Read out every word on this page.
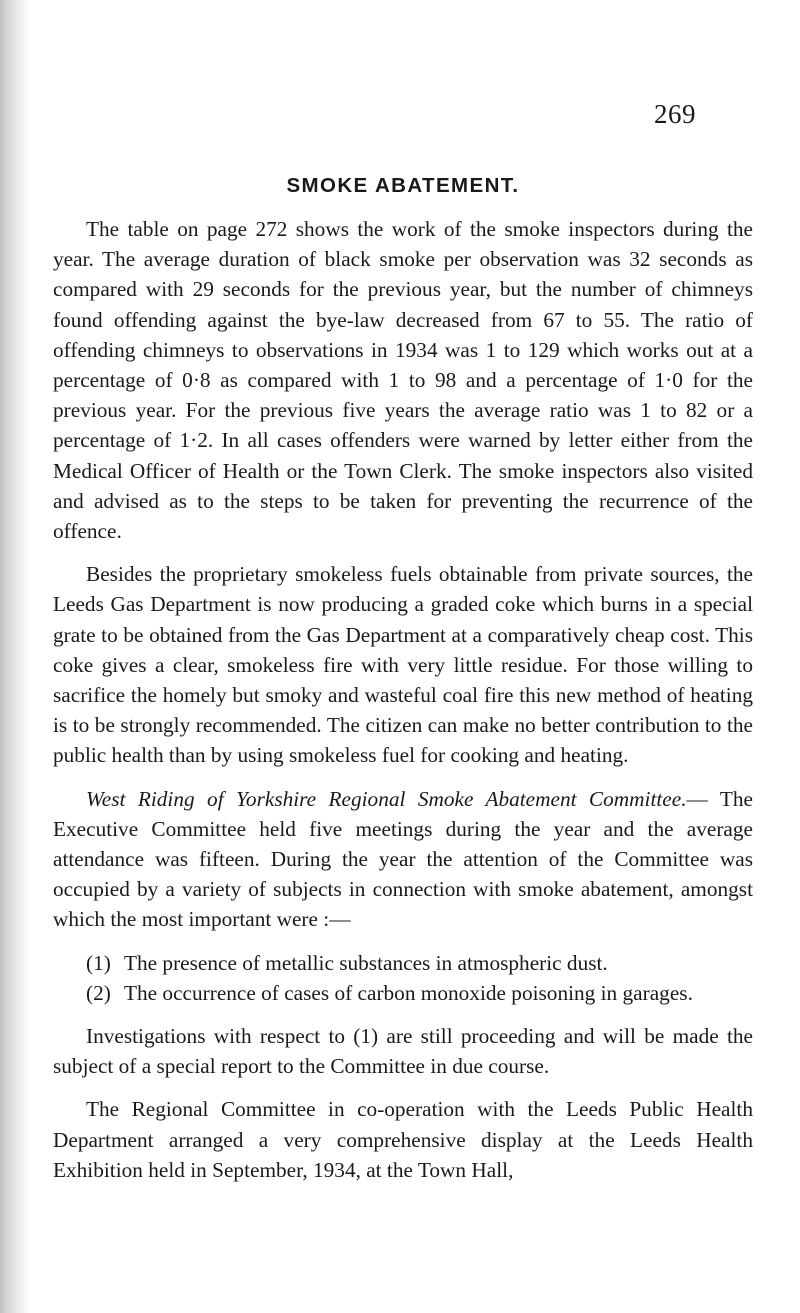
269
SMOKE ABATEMENT.

The table on page 272 shows the work of the smoke inspectors during the year. The average duration of black smoke per observation was 32 seconds as compared with 29 seconds for the previous year, but the number of chimneys found offending against the bye-law decreased from 67 to 55. The ratio of offending chimneys to observations in 1934 was 1 to 129 which works out at a percentage of 0·8 as compared with 1 to 98 and a percentage of 1·0 for the previous year. For the previous five years the average ratio was 1 to 82 or a percentage of 1·2. In all cases offenders were warned by letter either from the Medical Officer of Health or the Town Clerk. The smoke inspectors also visited and advised as to the steps to be taken for preventing the recurrence of the offence.

Besides the proprietary smokeless fuels obtainable from private sources, the Leeds Gas Department is now producing a graded coke which burns in a special grate to be obtained from the Gas Department at a comparatively cheap cost. This coke gives a clear, smokeless fire with very little residue. For those willing to sacrifice the homely but smoky and wasteful coal fire this new method of heating is to be strongly recommended. The citizen can make no better contribution to the public health than by using smokeless fuel for cooking and heating.

West Riding of Yorkshire Regional Smoke Abatement Committee.— The Executive Committee held five meetings during the year and the average attendance was fifteen. During the year the attention of the Committee was occupied by a variety of subjects in connection with smoke abatement, amongst which the most important were :—

(1) The presence of metallic substances in atmospheric dust.
(2) The occurrence of cases of carbon monoxide poisoning in garages.

Investigations with respect to (1) are still proceeding and will be made the subject of a special report to the Committee in due course.

The Regional Committee in co-operation with the Leeds Public Health Department arranged a very comprehensive display at the Leeds Health Exhibition held in September, 1934, at the Town Hall,
